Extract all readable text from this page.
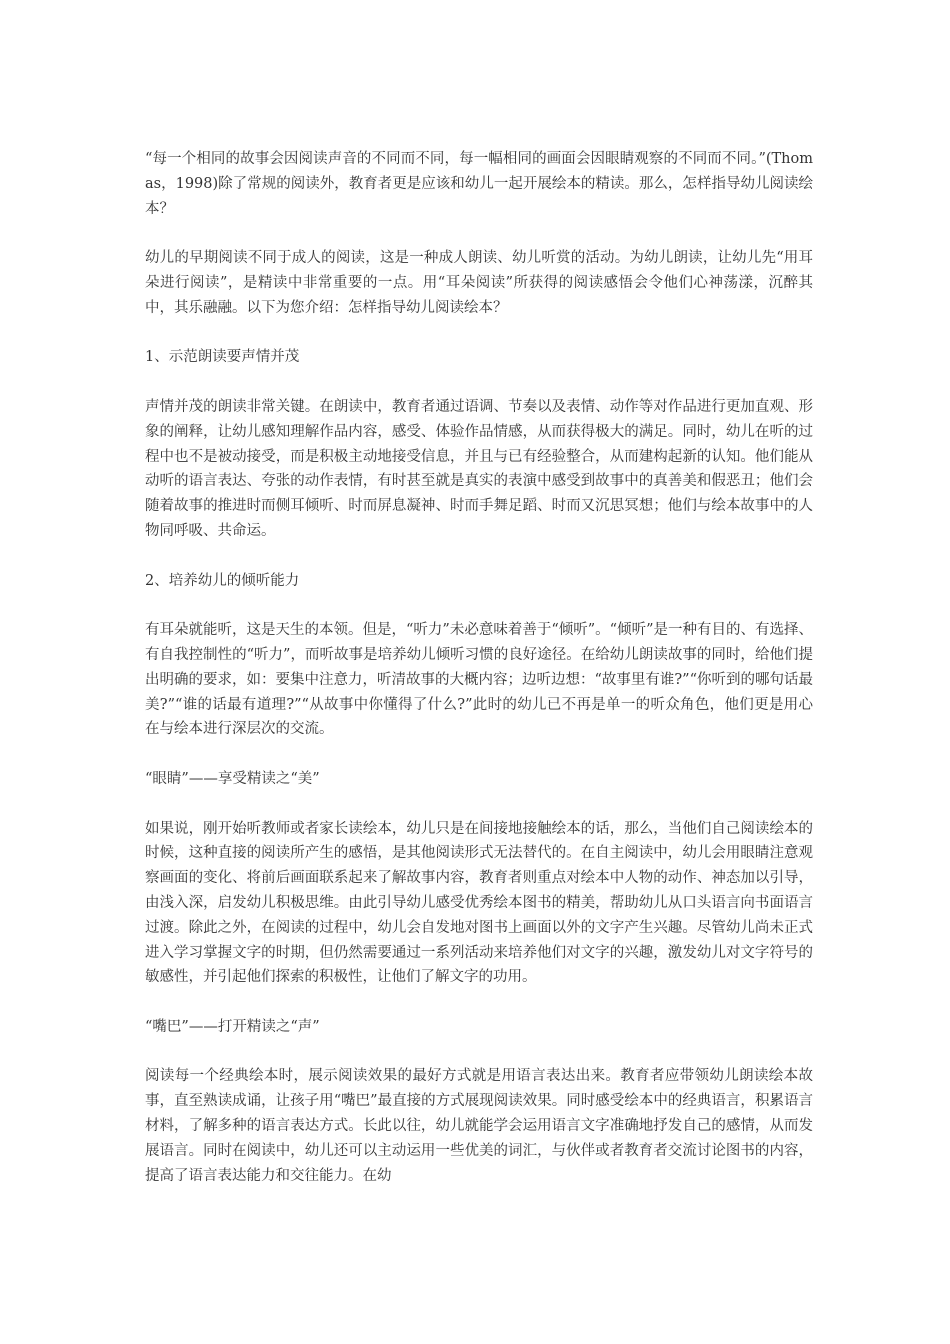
“每一个相同的故事会因阅读声音的不同而不同，每一幅相同的画面会因眼睛观察的不同而不同。”(Thomas，1998)除了常规的阅读外，教育者更是应该和幼儿一起开展绘本的精读。那么，怎样指导幼儿阅读绘本？

幼儿的早期阅读不同于成人的阅读，这是一种成人朗读、幼儿听赏的活动。为幼儿朗读，让幼儿先“用耳朵进行阅读”，是精读中非常重要的一点。用“耳朵阅读”所获得的阅读感悟会令他们心神荡漾，沉醉其中，其乐融融。以下为您介绍：怎样指导幼儿阅读绘本？

1、示范朗读要声情并茂

声情并茂的朗读非常关键。在朗读中，教育者通过语调、节奏以及表情、动作等对作品进行更加直观、形象的阐释，让幼儿感知理解作品内容，感受、体验作品情感，从而获得极大的满足。同时，幼儿在听的过程中也不是被动接受，而是积极主动地接受信息，并且与已有经验整合，从而建构起新的认知。他们能从动听的语言表达、夸张的动作表情，有时甚至就是真实的表演中感受到故事中的真善美和假恶丑；他们会随着故事的推进时而侧耳倾听、时而屏息凝神、时而手舞足蹈、时而又沉思冥想；他们与绘本故事中的人物同呼吸、共命运。

2、培养幼儿的倾听能力

有耳朵就能听，这是天生的本领。但是，“听力”未必意味着善于“倾听”。“倾听”是一种有目的、有选择、有自我控制性的“听力”，而听故事是培养幼儿倾听习惯的良好途径。在给幼儿朗读故事的同时，给他们提出明确的要求，如：要集中注意力，听清故事的大概内容；边听边想：“故事里有谁?”“你听到的哪句话最美?”“谁的话最有道理?”“从故事中你懂得了什么?”此时的幼儿已不再是单一的听众角色，他们更是用心在与绘本进行深层次的交流。

“眼睛”——享受精读之“美”

如果说，刚开始听教师或者家长读绘本，幼儿只是在间接地接触绘本的话，那么，当他们自己阅读绘本的时候，这种直接的阅读所产生的感悟，是其他阅读形式无法替代的。在自主阅读中，幼儿会用眼睛注意观察画面的变化、将前后画面联系起来了解故事内容，教育者则重点对绘本中人物的动作、神态加以引导，由浅入深，启发幼儿积极思维。由此引导幼儿感受优秀绘本图书的精美，帮助幼儿从口头语言向书面语言过渡。除此之外，在阅读的过程中，幼儿会自发地对图书上画面以外的文字产生兴趣。尽管幼儿尚未正式进入学习掌握文字的时期，但仍然需要通过一系列活动来培养他们对文字的兴趣，激发幼儿对文字符号的敏感性，并引起他们探索的积极性，让他们了解文字的功用。

“嘴巴”——打开精读之“声”

阅读每一个经典绘本时，展示阅读效果的最好方式就是用语言表达出来。教育者应带领幼儿朗读绘本故事，直至熟读成诵，让孩子用“嘴巴”最直接的方式展现阅读效果。同时感受绘本中的经典语言，积累语言材料，了解多种的语言表达方式。长此以往，幼儿就能学会运用语言文字准确地抒发自己的感情，从而发展语言。同时在阅读中，幼儿还可以主动运用一些优美的词汇，与伙伴或者教育者交流讨论图书的内容，提高了语言表达能力和交往能力。在幼
